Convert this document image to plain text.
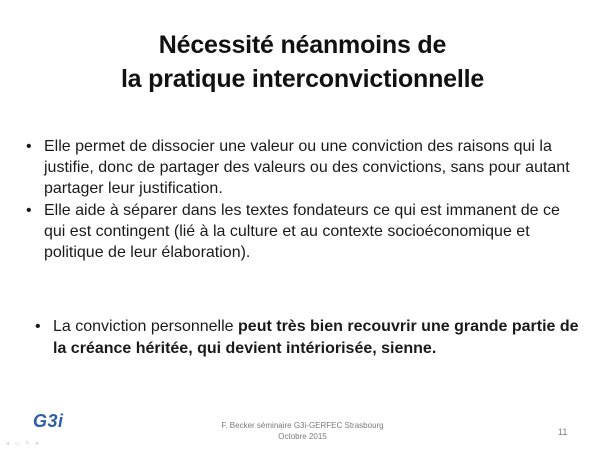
Nécessité néanmoins de
la pratique interconvictionnelle
• Elle permet de dissocier une valeur ou une conviction des raisons qui la justifie, donc de partager des valeurs ou des convictions, sans pour autant partager leur justification.
• Elle aide à séparer dans les textes fondateurs ce qui est immanent de ce qui est contingent (lié à la culture et au contexte socioéconomique et politique de leur élaboration).
• La conviction personnelle peut très bien recouvrir une grande partie de la créance héritée, qui devient intériorisée, sienne.
G3i	F. Becker séminaire G3i-GERFEC Strasbourg
Octobre 2015	11
◂ ▭ ✎ ▸
